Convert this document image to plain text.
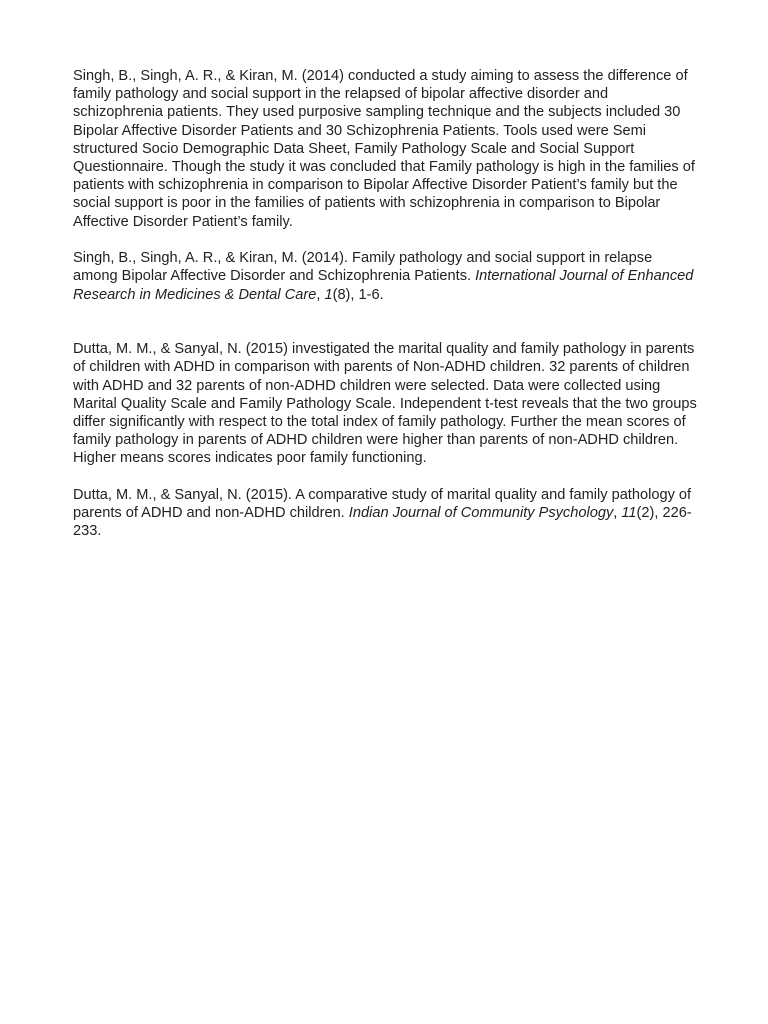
Singh, B., Singh, A. R., & Kiran, M. (2014) conducted a study aiming to assess the difference of family pathology and social support in the relapsed of bipolar affective disorder and schizophrenia patients. They used purposive sampling technique and the subjects included 30 Bipolar Affective Disorder Patients and 30 Schizophrenia Patients. Tools used were Semi structured Socio Demographic Data Sheet, Family Pathology Scale and Social Support Questionnaire. Though the study it was concluded that Family pathology is high in the families of patients with schizophrenia in comparison to Bipolar Affective Disorder Patient’s family but the social support is poor in the families of patients with schizophrenia in comparison to Bipolar Affective Disorder Patient’s family.

Singh, B., Singh, A. R., & Kiran, M. (2014). Family pathology and social support in relapse among Bipolar Affective Disorder and Schizophrenia Patients. International Journal of Enhanced Research in Medicines & Dental Care, 1(8), 1-6.

Dutta, M. M., & Sanyal, N. (2015) investigated the marital quality and family pathology in parents of children with ADHD in comparison with parents of Non-ADHD children. 32 parents of children with ADHD and 32 parents of non-ADHD children were selected. Data were collected using Marital Quality Scale and Family Pathology Scale. Independent t-test reveals that the two groups differ significantly with respect to the total index of family pathology. Further the mean scores of family pathology in parents of ADHD children were higher than parents of non-ADHD children. Higher means scores indicates poor family functioning.

Dutta, M. M., & Sanyal, N. (2015). A comparative study of marital quality and family pathology of parents of ADHD and non-ADHD children. Indian Journal of Community Psychology, 11(2), 226-233.
